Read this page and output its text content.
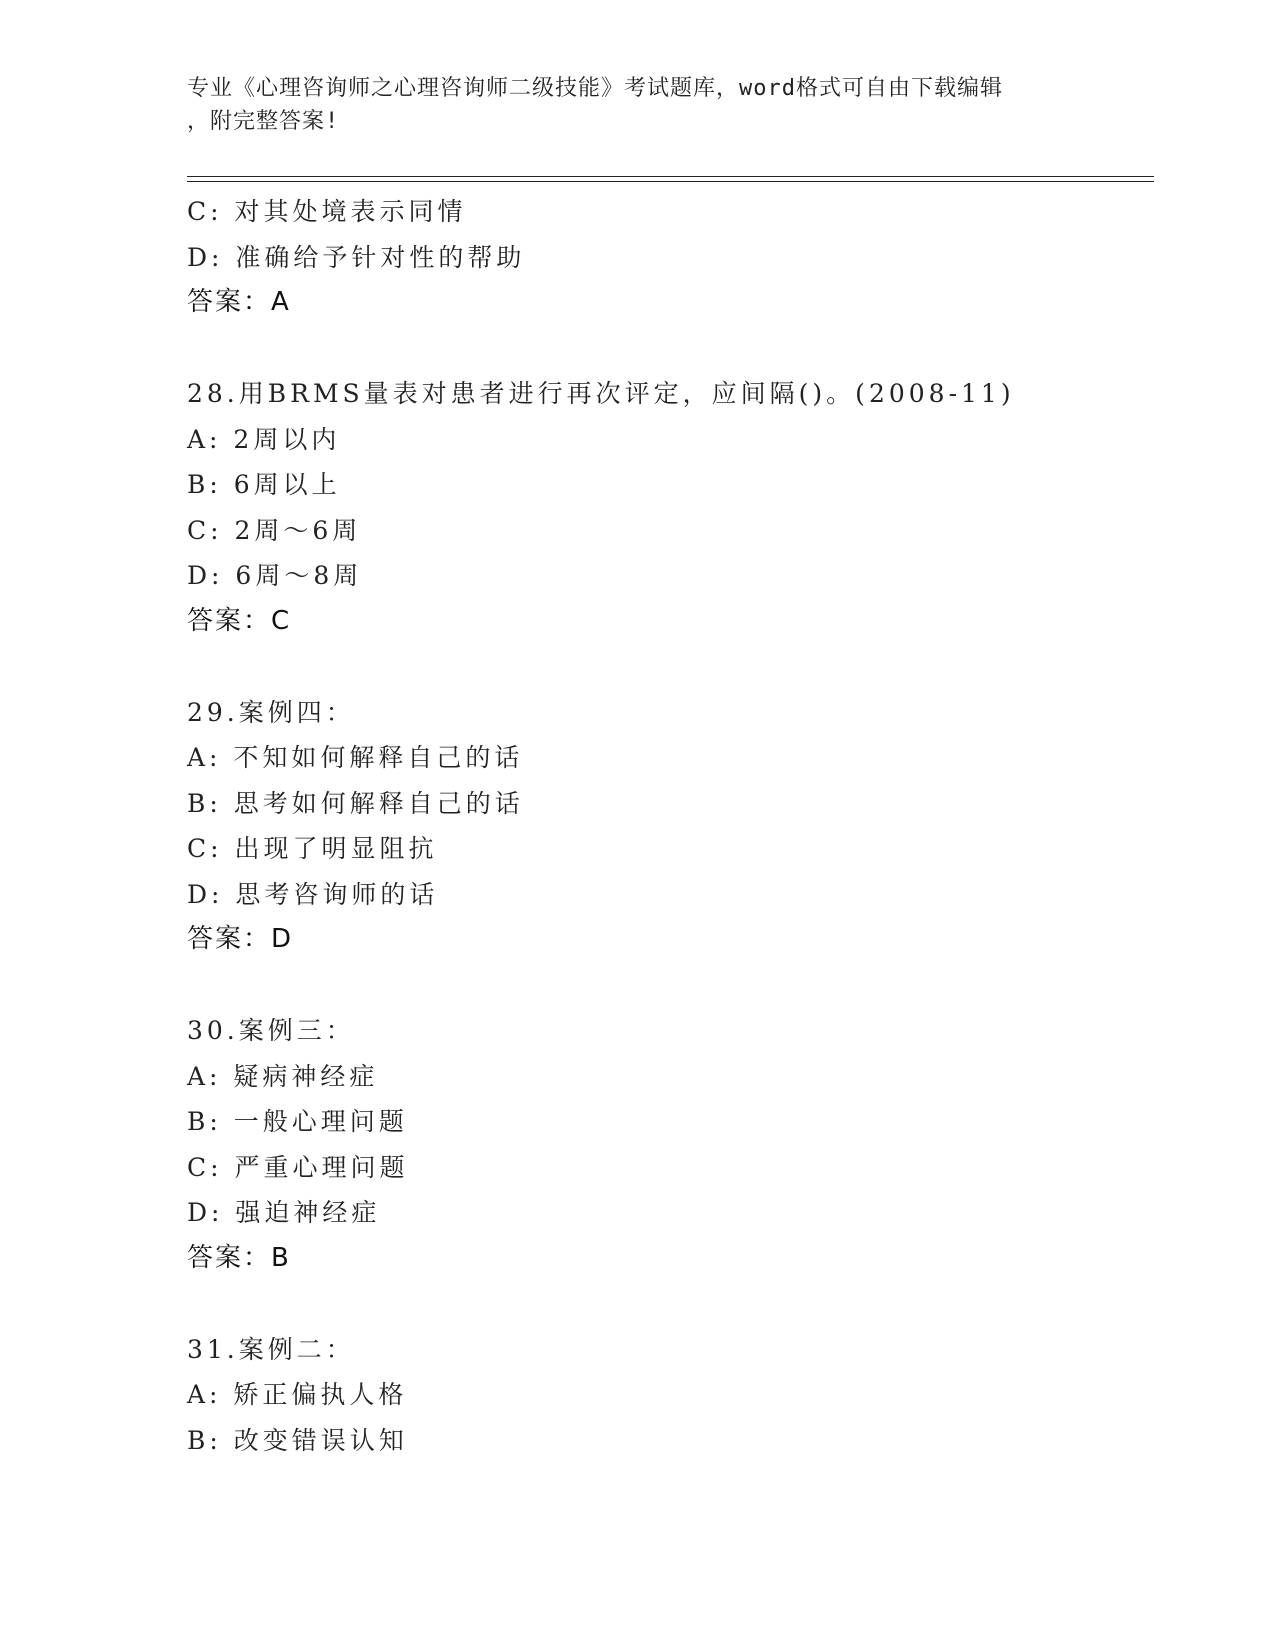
专业《心理咨询师之心理咨询师二级技能》考试题库，word格式可自由下载编辑
，附完整答案!
C: 对其处境表示同情
D: 准确给予针对性的帮助
答案：A
28.用BRMS量表对患者进行再次评定，应间隔()。(2008-11)
A: 2周以内
B: 6周以上
C: 2周～6周
D: 6周～8周
答案：C
29.案例四：
A: 不知如何解释自己的话
B: 思考如何解释自己的话
C: 出现了明显阻抗
D: 思考咨询师的话
答案：D
30.案例三：
A: 疑病神经症
B: 一般心理问题
C: 严重心理问题
D: 强迫神经症
答案：B
31.案例二：
A: 矫正偏执人格
B: 改变错误认知
